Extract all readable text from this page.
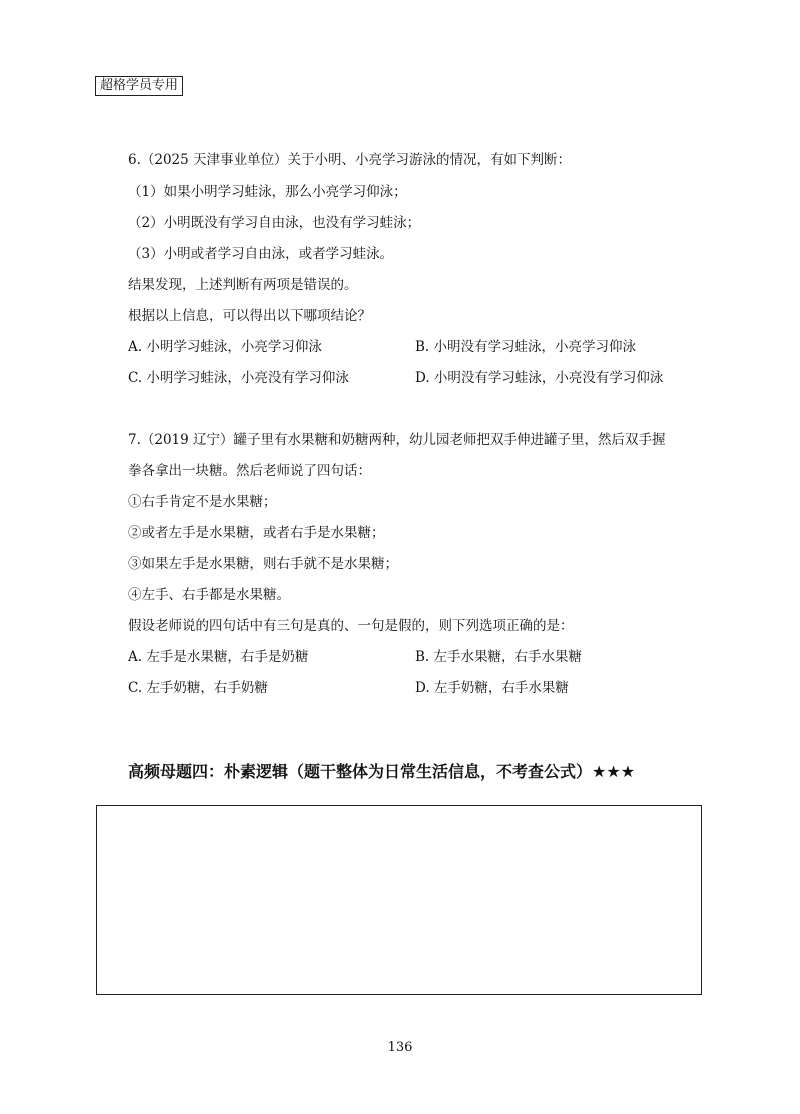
超格学员专用
6.（2025 天津事业单位）关于小明、小亮学习游泳的情况，有如下判断：
（1）如果小明学习蛙泳，那么小亮学习仰泳；
（2）小明既没有学习自由泳，也没有学习蛙泳；
（3）小明或者学习自由泳，或者学习蛙泳。
结果发现，上述判断有两项是错误的。
根据以上信息，可以得出以下哪项结论？
A. 小明学习蛙泳，小亮学习仰泳	B. 小明没有学习蛙泳，小亮学习仰泳
C. 小明学习蛙泳，小亮没有学习仰泳	D. 小明没有学习蛙泳，小亮没有学习仰泳
7.（2019 辽宁）罐子里有水果糖和奶糖两种，幼儿园老师把双手伸进罐子里，然后双手握
拳各拿出一块糖。然后老师说了四句话：
①右手肯定不是水果糖；
②或者左手是水果糖，或者右手是水果糖；
③如果左手是水果糖，则右手就不是水果糖；
④左手、右手都是水果糖。
假设老师说的四句话中有三句是真的、一句是假的，则下列选项正确的是：
A. 左手是水果糖，右手是奶糖	B. 左手水果糖，右手水果糖
C. 左手奶糖，右手奶糖	D. 左手奶糖，右手水果糖
高频母题四：朴素逻辑（题干整体为日常生活信息，不考查公式）★★★
136
